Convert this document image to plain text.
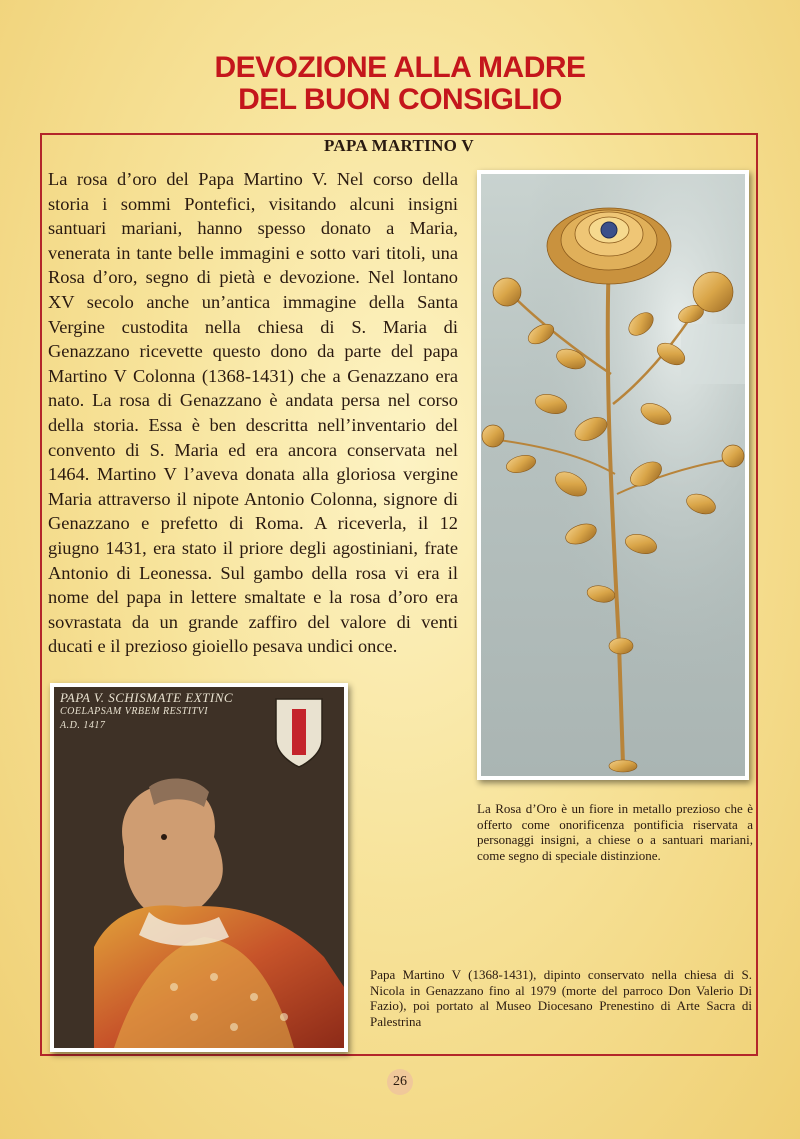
DEVOZIONE ALLA MADRE
DEL BUON CONSIGLIO
PAPA MARTINO V
La rosa d’oro del Papa Martino V. Nel corso della storia i sommi Pontefici, visitando alcuni insigni santuari mariani, hanno spesso donato a Maria, venerata in tante belle immagini e sotto vari titoli, una Rosa d’oro, segno di pietà e devozione. Nel lontano XV secolo anche un’antica immagine della Santa Vergine custodita nella chiesa di S. Maria di Genazzano ricevette questo dono da parte del papa Martino V Colonna (1368-1431) che a Genazzano era nato. La rosa di Genazzano è andata persa nel corso della storia. Essa è ben descritta nell’inventario del convento di S. Maria ed era ancora conservata nel 1464. Martino V l’aveva donata alla gloriosa vergine Maria attraverso il nipote Antonio Colonna, signore di Genazzano e prefetto di Roma. A riceverla, il 12 giugno 1431, era stato il priore degli agostiniani, frate Antonio di Leonessa. Sul gambo della rosa vi era il nome del papa in lettere smaltate e la rosa d’oro era sovrastata da un grande zaffiro del valore di venti ducati e il prezioso gioiello pesava undici once.
La Rosa d’Oro è un fiore in metallo prezioso che è offerto come onorificenza pontificia riservata a personaggi insigni, a chiese o a santuari mariani, come segno di speciale distinzione.
PAPA V. SCHISMATE EXTINC
COELAPSAM VRBEM RESTITVI
A.D. 1417
Papa Martino V (1368-1431), dipinto conservato nella chiesa di S. Nicola in Genazzano fino al 1979 (morte del parroco Don Valerio Di Fazio), poi portato al Museo Diocesano Prenestino di Arte Sacra di Palestrina
26
